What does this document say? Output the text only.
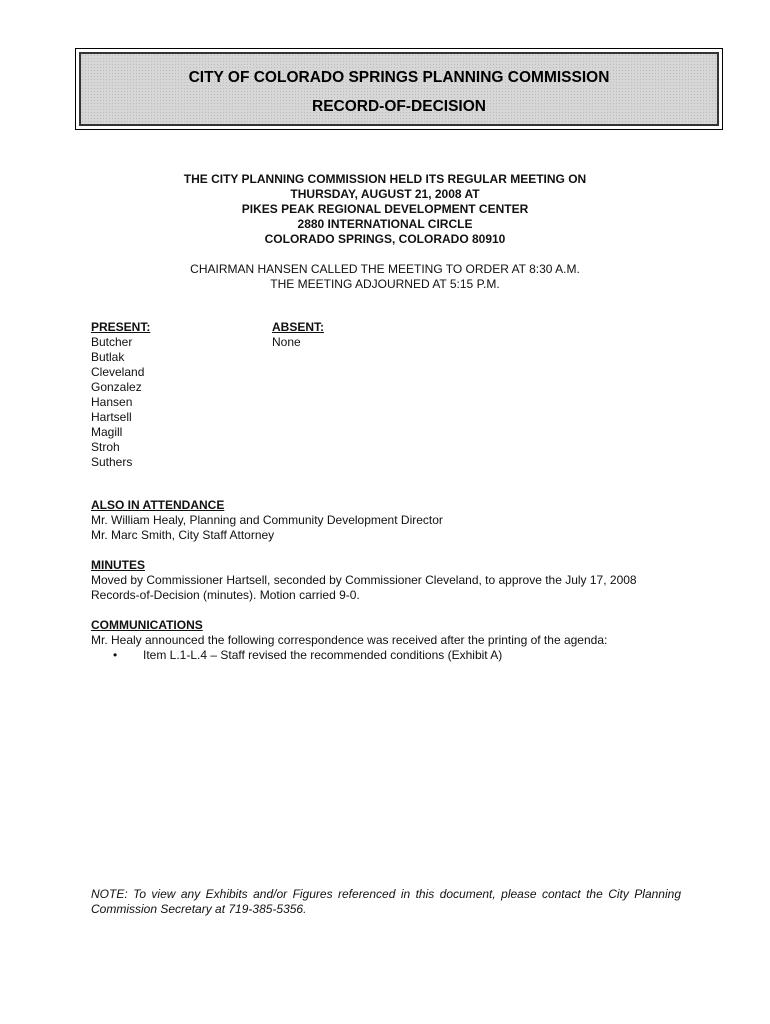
CITY OF COLORADO SPRINGS PLANNING COMMISSION
RECORD-OF-DECISION

THE CITY PLANNING COMMISSION HELD ITS REGULAR MEETING ON

THURSDAY, AUGUST 21, 2008 AT

PIKES PEAK REGIONAL DEVELOPMENT CENTER

2880 INTERNATIONAL CIRCLE

COLORADO SPRINGS, COLORADO 80910

CHAIRMAN HANSEN CALLED THE MEETING TO ORDER AT 8:30 A.M.

THE MEETING ADJOURNED AT 5:15 P.M.

PRESENT:

Butcher

Butlak

Cleveland

Gonzalez

Hansen

Hartsell

Magill

Stroh

Suthers

ABSENT:

None

ALSO IN ATTENDANCE

Mr. William Healy, Planning and Community Development Director

Mr. Marc Smith, City Staff Attorney

MINUTES

Moved by Commissioner Hartsell, seconded by Commissioner Cleveland, to approve the July 17, 2008

Records-of-Decision (minutes). Motion carried 9-0.

COMMUNICATIONS

Mr. Healy announced the following correspondence was received after the printing of the agenda:

•	Item L.1-L.4 – Staff revised the recommended conditions (Exhibit A)
NOTE: To view any Exhibits and/or Figures referenced in this document, please contact the City Planning Commission Secretary at 719-385-5356.
